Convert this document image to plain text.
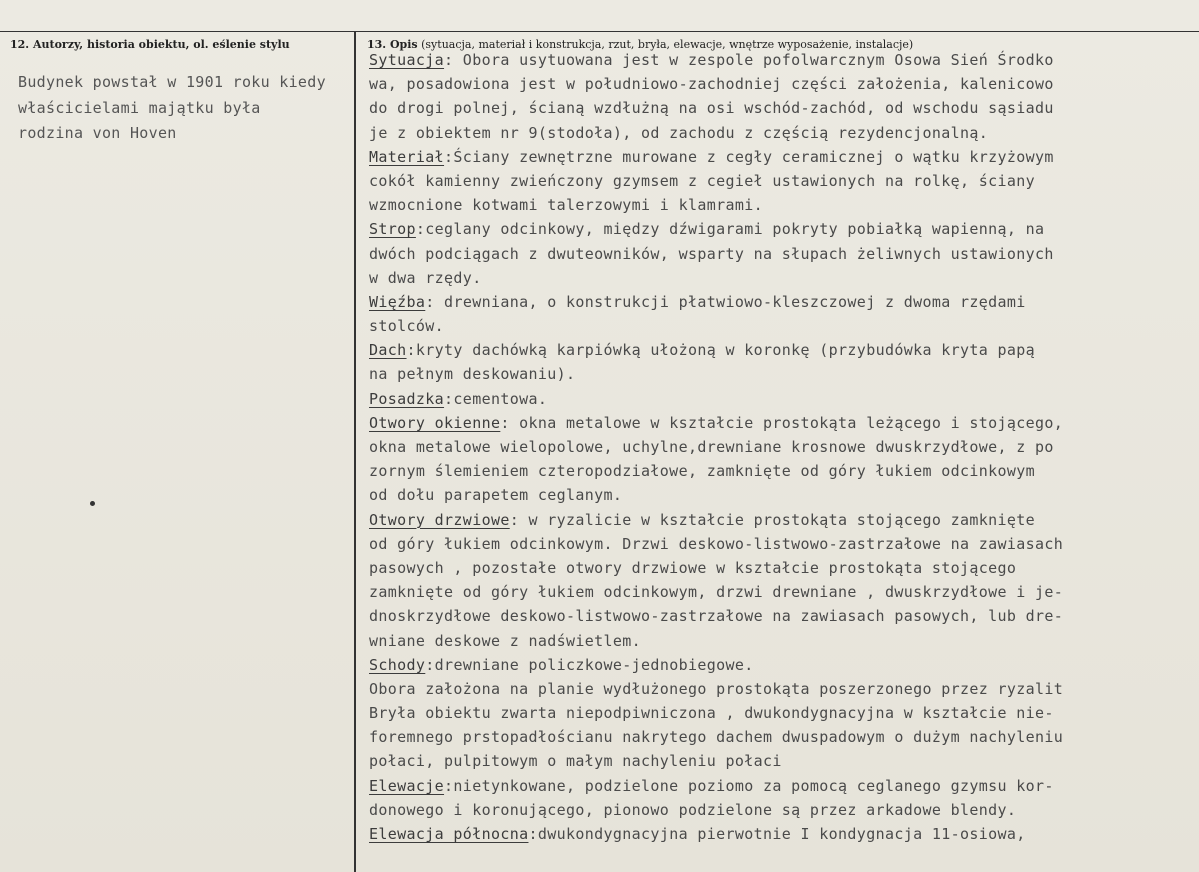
12. Autorzy, historia obiektu, ol. eślenie stylu	13. Opis (sytuacja, materiał i konstrukcja, rzut, bryła, elewacje, wnętrze wyposażenie, instalacje)
Budynek powstał w 1901 roku kiedy
właścicielami majątku była
rodzina von Hoven
Sytuacja: Obora usytuowana jest w zespole pofolwarcznym Osowa Sień Środko
wa, posadowiona jest w południowo-zachodniej części założenia, kalenicowo
do drogi polnej, ścianą wzdłużną na osi wschód-zachód, od wschodu sąsiadu
je z obiektem nr 9(stodoła), od zachodu z częścią rezydencjonalną.
Materiał:Ściany zewnętrzne murowane z cegły ceramicznej o wątku krzyżowym
cokół kamienny zwieńczony gzymsem z cegieł ustawionych na rolkę, ściany
wzmocnione kotwami talerzowymi i klamrami.
Strop:ceglany odcinkowy, między dźwigarami pokryty pobiałką wapienną, na
dwóch podciągach z dwuteowników, wsparty na słupach żeliwnych ustawionych
w dwa rzędy.
Więźba: drewniana, o konstrukcji płatwiowo-kleszczowej z dwoma rzędami
stolców.
Dach:kryty dachówką karpiówką ułożoną w koronkę (przybudówka kryta papą
na pełnym deskowaniu).
Posadzka:cementowa.
Otwory okienne: okna metalowe w kształcie prostokąta leżącego i stojącego,
okna metalowe wielopolowe, uchylne,drewniane krosnowe dwuskrzydłowe, z po
zornym ślemieniem czteropodziałowe, zamknięte od góry łukiem odcinkowym
od dołu parapetem ceglanym.
Otwory drzwiowe: w ryzalicie w kształcie prostokąta stojącego zamknięte
od góry łukiem odcinkowym. Drzwi deskowo-listwowo-zastrzałowe na zawiasach
pasowych , pozostałe otwory drzwiowe w kształcie prostokąta stojącego
zamknięte od góry łukiem odcinkowym, drzwi drewniane , dwuskrzydłowe i je-
dnoskrzydłowe deskowo-listwowo-zastrzałowe na zawiasach pasowych, lub dre-
wniane deskowe z nadświetlem.
Schody:drewniane policzkowe-jednobiegowe.
Obora założona na planie wydłużonego prostokąta poszerzonego przez ryzalit
Bryła obiektu zwarta niepodpiwniczona , dwukondygnacyjna w kształcie nie-
foremnego prstopadłościanu nakrytego dachem dwuspadowym o dużym nachyleniu
połaci, pulpitowym o małym nachyleniu połaci
Elewacje:nietynkowane, podzielone poziomo za pomocą ceglanego gzymsu kor-
donowego i koronującego, pionowo podzielone są przez arkadowe blendy.
Elewacja północna:dwukondygnacyjna pierwotnie I kondygnacja 11-osiowa,
